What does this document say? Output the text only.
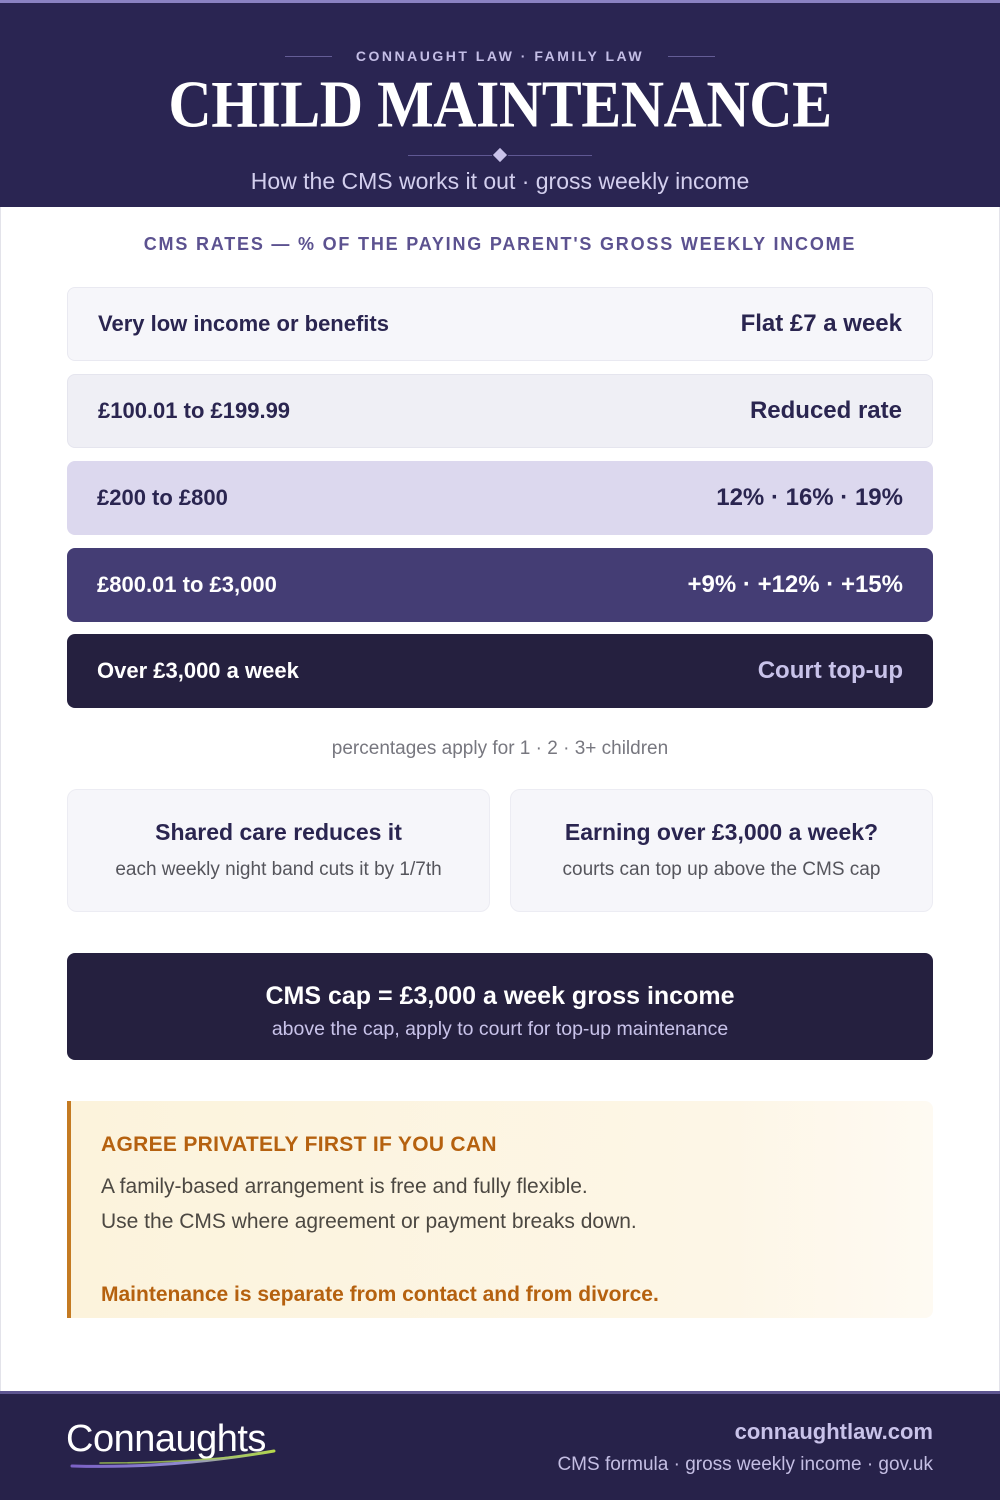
CONNAUGHT LAW · FAMILY LAW
CHILD MAINTENANCE
How the CMS works it out · gross weekly income
CMS RATES — % OF THE PAYING PARENT'S GROSS WEEKLY INCOME
Very low income or benefits	Flat £7 a week
£100.01 to £199.99	Reduced rate
£200 to £800	12% · 16% · 19%
£800.01 to £3,000	+9% · +12% · +15%
Over £3,000 a week	Court top-up
percentages apply for 1 · 2 · 3+ children
Shared care reduces it
each weekly night band cuts it by 1/7th
Earning over £3,000 a week?
courts can top up above the CMS cap
CMS cap = £3,000 a week gross income
above the cap, apply to court for top-up maintenance
AGREE PRIVATELY FIRST IF YOU CAN
A family-based arrangement is free and fully flexible.
Use the CMS where agreement or payment breaks down.
Maintenance is separate from contact and from divorce.
Connaughts	connaughtlaw.com
CMS formula · gross weekly income · gov.uk
